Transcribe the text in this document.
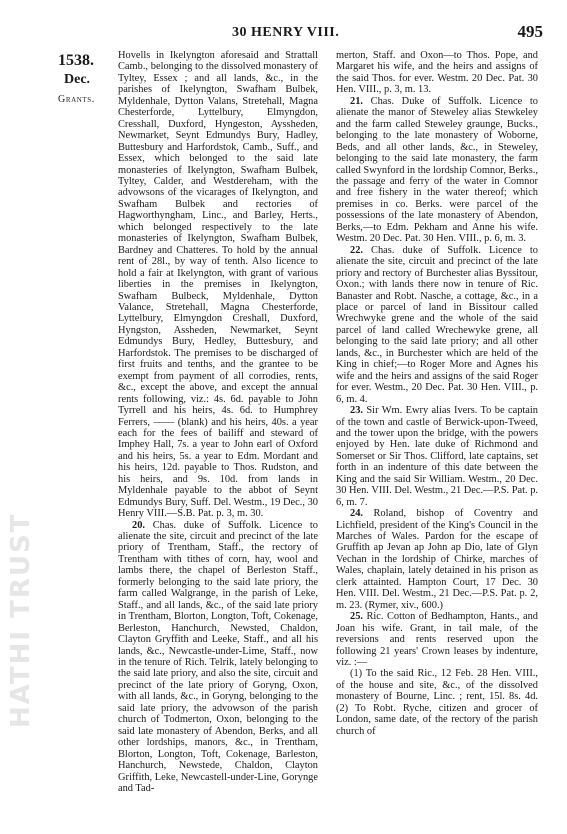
30 HENRY VIII.	495
1538.
Dec.
Grants.
HATHI TRUST

Hovells in Ikelyngton aforesaid and Strattall Camb., belonging to the dissolved monastery of Tyltey, Essex ; and all lands, &c., in the parishes of Ikelyngton, Swafham Bulbek, Myldenhale, Dytton Valans, Stretehall, Magna Chesterforde, Lyttelbury, Elmyngdon, Cresshall, Duxford, Hyngeston, Ayssheden, Newmarket, Seynt Edmundys Bury, Hadley, Buttesbury and Harfordstok, Camb., Suff., and Essex, which belonged to the said late monasteries of Ikelyngton, Swafham Bulbek, Tyltey, Calder, and Westdereham, with the advowsons of the vicarages of Ikelyngton, and Swafham Bulbek and rectories of Hagworthyngham, Linc., and Barley, Herts., which belonged respectively to the late monasteries of Ikelyngton, Swafham Bulbek, Bardney and Chatteres. To hold by the annual rent of 28l., by way of tenth. Also licence to hold a fair at Ikelyngton, with grant of various liberties in the premises in Ikelyngton, Swafham Bulbeck, Myldenhale, Dytton Valance, Stretehall, Magna Chesterforde, Lyttelbury, Elmyngdon Creshall, Duxford, Hyngston, Assheden, Newmarket, Seynt Edmundys Bury, Hedley, Buttesbury, and Harfordstok. The premises to be discharged of first fruits and tenths, and the grantee to be exempt from payment of all corrodies, rents, &c., except the above, and except the annual rents following, viz.: 4s. 6d. payable to John Tyrrell and his heirs, 4s. 6d. to Humphrey Ferrers, —— (blank) and his heirs, 40s. a year each for the fees of bailiff and steward of Imphey Hall, 7s. a year to John earl of Oxford and his heirs, 5s. a year to Edm. Mordant and his heirs, 12d. payable to Thos. Rudston, and his heirs, and 9s. 10d. from lands in Myldenhale payable to the abbot of Seynt Edmundys Bury, Suff. Del. Westm., 19 Dec., 30 Henry VIII.—S.B. Pat. p. 3, m. 30.

20. Chas. duke of Suffolk. Licence to alienate the site, circuit and precinct of the late priory of Trentham, Staff., the rectory of Trentham with tithes of corn, hay, wool and lambs there, the chapel of Berleston Staff., formerly belonging to the said late priory, the farm called Walgrange, in the parish of Leke, Staff., and all lands, &c., of the said late priory in Trentham, Blorton, Longton, Toft, Cokenage, Berleston, Hanchurch, Newsted, Chaldon, Clayton Gryffith and Leeke, Staff., and all his lands, &c., Newcastle-under-Lime, Staff., now in the tenure of Rich. Telrik, lately belonging to the said late priory, and also the site, circuit and precinct of the late priory of Goryng, Oxon, with all lands, &c., in Goryng, belonging to the said late priory, the advowson of the parish church of Todmerton, Oxon, belonging to the said late monastery of Abendon, Berks, and all other lordships, manors, &c., in Trentham, Blorton, Longton, Toft, Cokenage, Barleston, Hanchurch, Newstede, Chaldon, Clayton Griffith, Leke, Newcastell-under-Line, Gorynge and Tad-

merton, Staff. and Oxon—to Thos. Pope, and Margaret his wife, and the heirs and assigns of the said Thos. for ever. Westm. 20 Dec. Pat. 30 Hen. VIII., p. 3, m. 13.

21. Chas. Duke of Suffolk. Licence to alienate the manor of Steweley alias Stewkeley and the farm called Steweley graunge, Bucks., belonging to the late monastery of Woborne, Beds, and all other lands, &c., in Steweley, belonging to the said late monastery, the farm called Swynford in the lordship Comnor, Berks., the passage and ferry of the water in Comnor and free fishery in the water thereof; which premises in co. Berks. were parcel of the possessions of the late monastery of Abendon, Berks,—to Edm. Pekham and Anne his wife. Westm. 20 Dec. Pat. 30 Hen. VIII., p. 6, m. 3.

22. Chas. duke of Suffolk. Licence to alienate the site, circuit and precinct of the late priory and rectory of Burchester alias Byssitour, Oxon.; with lands there now in tenure of Ric. Banaster and Robt. Nasche, a cottage, &c., in a place or parcel of land in Bissitour called Wrechwyke grene and the whole of the said parcel of land called Wrechewyke grene, all belonging to the said late priory; and all other lands, &c., in Burchester which are held of the King in chief;—to Roger More and Agnes his wife and the heirs and assigns of the said Roger for ever. Westm., 20 Dec. Pat. 30 Hen. VIII., p. 6, m. 4.

23. Sir Wm. Ewry alias Ivers. To be captain of the town and castle of Berwick-upon-Tweed, and the tower upon the bridge, with the powers enjoyed by Hen. late duke of Richmond and Somerset or Sir Thos. Clifford, late captains, set forth in an indenture of this date between the King and the said Sir William. Westm., 20 Dec. 30 Hen. VIII. Del. Westm., 21 Dec.—P.S. Pat. p. 6, m. 7.

24. Roland, bishop of Coventry and Lichfield, president of the King's Council in the Marches of Wales. Pardon for the escape of Gruffith ap Jevan ap John ap Dio, late of Glyn Vechan in the lordship of Chirke, marches of Wales, chaplain, lately detained in his prison as clerk attainted. Hampton Court, 17 Dec. 30 Hen. VIII. Del. Westm., 21 Dec.—P.S. Pat. p. 2, m. 23. (Rymer, xiv., 600.)

25. Ric. Cotton of Bedhampton, Hants., and Joan his wife. Grant, in tail male, of the reversions and rents reserved upon the following 21 years' Crown leases by indenture, viz. :—

(1) To the said Ric., 12 Feb. 28 Hen. VIII., of the house and site, &c., of the dissolved monastery of Bourne, Linc. ; rent, 15l. 8s. 4d. (2) To Robt. Ryche, citizen and grocer of London, same date, of the rectory of the parish church of
